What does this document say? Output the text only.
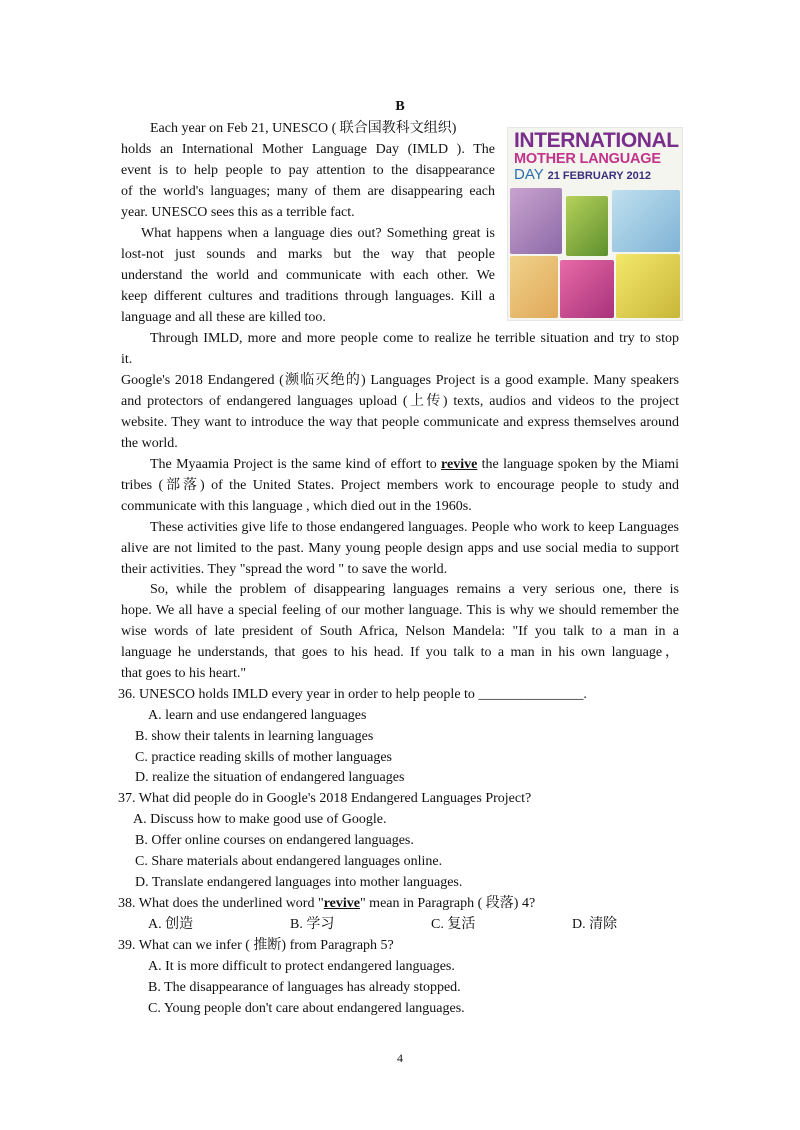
B
INTERNATIONAL
MOTHER LANGUAGE
DAY 21 FEBRUARY 2012
Each year on Feb 21, UNESCO ( 联合国教科文组织)
holds an International Mother Language Day (IMLD ). The
event is to help people to pay attention to the disappearance
of the world's languages; many of them are disappearing each
year. UNESCO sees this as a terrible fact.
What happens when a language dies out? Something great is
lost-not just sounds and marks but the way that people
understand the world and communicate with each other. We
keep different cultures and traditions through languages. Kill a
language and all these are killed too.
Through IMLD, more and more people come to realize he terrible situation and try to stop
it.
Google's 2018 Endangered (濒临灭绝的) Languages Project is a good example. Many speakers
and protectors of endangered languages upload (上传) texts, audios and videos to the project
website. They want to introduce the way that people communicate and express themselves around
the world.
The Myaamia Project is the same kind of effort to revive the language spoken by the Miami
tribes (部落) of the United States. Project members work to encourage people to study and
communicate with this language , which died out in the 1960s.
These activities give life to those endangered languages. People who work to keep Languages
alive are not limited to the past. Many young people design apps and use social media to support
their activities. They "spread the word " to save the world.
So, while the problem of disappearing languages remains a very serious one, there is
hope. We all have a special feeling of our mother language. This is why we should remember the
wise words of late president of South Africa, Nelson Mandela: "If you talk to a man in a
language he understands, that goes to his head. If you talk to a man in his own language，
that goes to his heart."
36. UNESCO holds IMLD every year in order to help people to _______________.
A. learn and use endangered languages
B. show their talents in learning languages
C. practice reading skills of mother languages
D. realize the situation of endangered languages
37. What did people do in Google's 2018 Endangered Languages Project?
A. Discuss how to make good use of Google.
B. Offer online courses on endangered languages.
C. Share materials about endangered languages online.
D. Translate endangered languages into mother languages.
38. What does the underlined word "revive" mean in Paragraph ( 段落) 4?
A. 创造	B. 学习	C. 复活	D. 清除
39. What can we infer ( 推断) from Paragraph 5?
A. It is more difficult to protect endangered languages.
B. The disappearance of languages has already stopped.
C. Young people don't care about endangered languages.
4
